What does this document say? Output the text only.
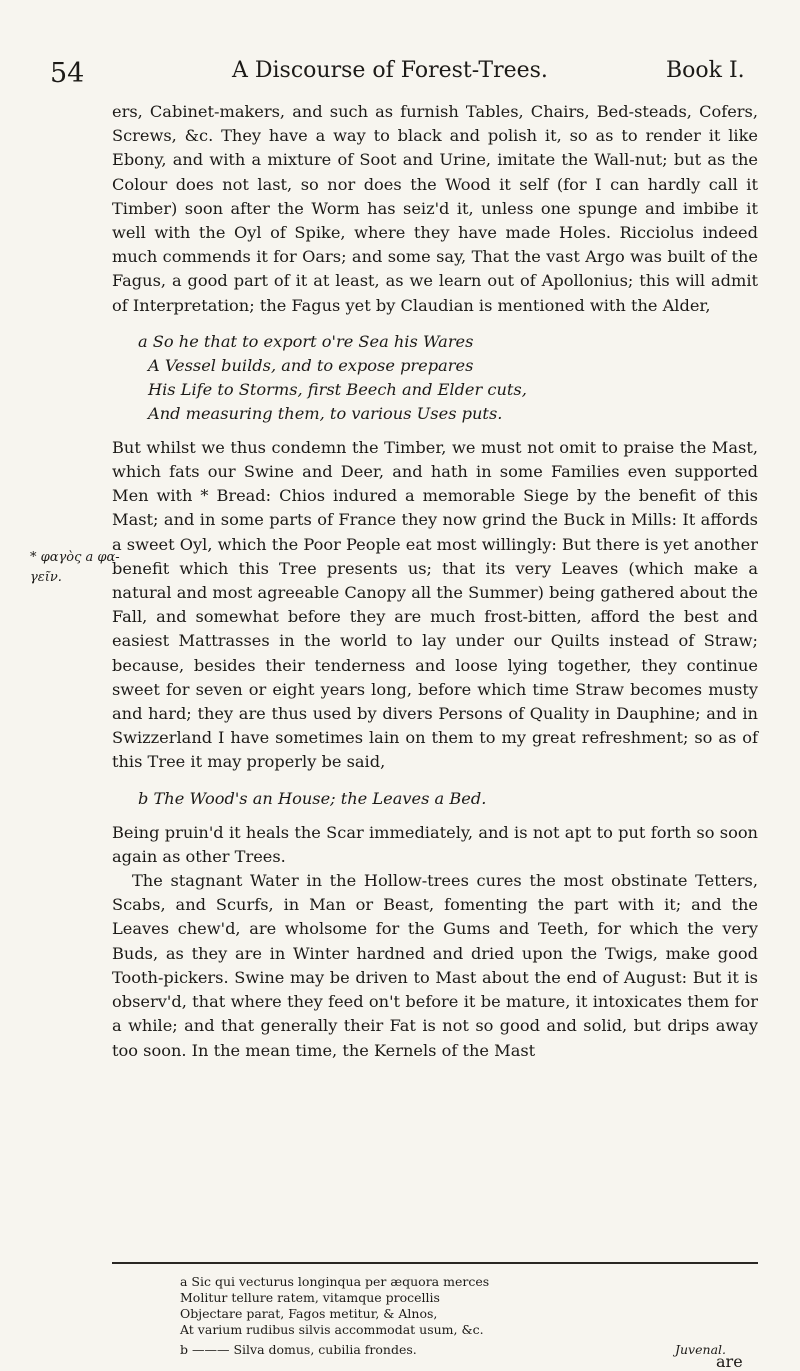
54	A Discourse of Forest-Trees.	Book I.
* φαγὸς a φα-
γεῖν.

ers, Cabinet-makers, and such as furnish Tables, Chairs, Bed-steads, Cofers, Screws, &c. They have a way to black and polish it, so as to render it like Ebony, and with a mixture of Soot and Urine, imitate the Wall-nut; but as the Colour does not last, so nor does the Wood it self (for I can hardly call it Timber) soon after the Worm has seiz'd it, unless one spunge and imbibe it well with the Oyl of Spike, where they have made Holes. Ricciolus indeed much commends it for Oars; and some say, That the vast Argo was built of the Fagus, a good part of it at least, as we learn out of Apollonius; this will admit of Interpretation; the Fagus yet by Claudian is mentioned with the Alder,

a So he that to export o're Sea his Wares
A Vessel builds, and to expose prepares
His Life to Storms, first Beech and Elder cuts,
And measuring them, to various Uses puts.

But whilst we thus condemn the Timber, we must not omit to praise the Mast, which fats our Swine and Deer, and hath in some Families even supported Men with * Bread: Chios indured a memorable Siege by the benefit of this Mast; and in some parts of France they now grind the Buck in Mills: It affords a sweet Oyl, which the Poor People eat most willingly: But there is yet another benefit which this Tree presents us; that its very Leaves (which make a natural and most agreeable Canopy all the Summer) being gathered about the Fall, and somewhat before they are much frost-bitten, afford the best and easiest Mattrasses in the world to lay under our Quilts instead of Straw; because, besides their tenderness and loose lying together, they continue sweet for seven or eight years long, before which time Straw becomes musty and hard; they are thus used by divers Persons of Quality in Dauphine; and in Swizzerland I have sometimes lain on them to my great refreshment; so as of this Tree it may properly be said,

b The Wood's an House; the Leaves a Bed.

Being pruin'd it heals the Scar immediately, and is not apt to put forth so soon again as other Trees.

The stagnant Water in the Hollow-trees cures the most obstinate Tetters, Scabs, and Scurfs, in Man or Beast, fomenting the part with it; and the Leaves chew'd, are wholsome for the Gums and Teeth, for which the very Buds, as they are in Winter hardned and dried upon the Twigs, make good Tooth-pickers. Swine may be driven to Mast about the end of August: But it is observ'd, that where they feed on't before it be mature, it intoxicates them for a while; and that generally their Fat is not so good and solid, but drips away too soon. In the mean time, the Kernels of the Mast

a Sic qui vecturus longinqua per æquora merces
Molitur tellure ratem, vitamque procellis
Objectare parat, Fagos metitur, & Alnos,
At varium rudibus silvis accommodat usum, &c.
b ——— Silva domus, cubilia frondes.	Juvenal.
are
